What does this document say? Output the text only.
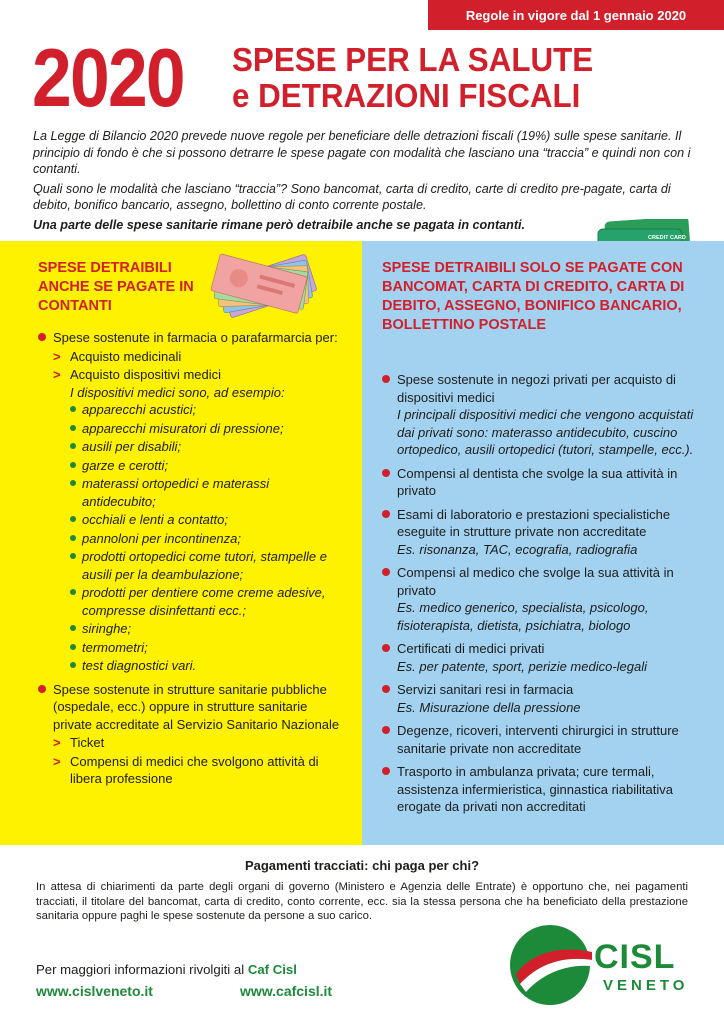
Regole in vigore dal 1 gennaio 2020
2020 SPESE PER LA SALUTE
e DETRAZIONI FISCALI

La Legge di Bilancio 2020 prevede nuove regole per beneficiare delle detrazioni fiscali (19%) sulle spese sanitarie. Il principio di fondo è che si possono detrarre le spese pagate con modalità che lasciano una “traccia” e quindi non con i contanti.

Quali sono le modalità che lasciano “traccia”? Sono bancomat, carta di credito, carte di credito pre-pagate, carta di debito, bonifico bancario, assegno, bollettino di conto corrente postale.

Una parte delle spese sanitarie rimane però detraibile anche se pagata in contanti.

CREDIT CARD
SPESE DETRAIBILI ANCHE SE PAGATE IN CONTANTI
Spese sostenute in farmacia o parafarmarcia per:
> Acquisto medicinali
> Acquisto dispositivi medici
I dispositivi medici sono, ad esempio:
apparecchi acustici;
apparecchi misuratori di pressione;
ausili per disabili;
garze e cerotti;
materassi ortopedici e materassi antidecubito;
occhiali e lenti a contatto;
pannoloni per incontinenza;
prodotti ortopedici come tutori, stampelle e ausili per la deambulazione;
prodotti per dentiere come creme adesive, compresse disinfettanti ecc.;
siringhe;
termometri;
test diagnostici vari.
Spese sostenute in strutture sanitarie pubbliche (ospedale, ecc.) oppure in strutture sanitarie private accreditate al Servizio Sanitario Nazionale
> Ticket
> Compensi di medici che svolgono attività di libera professione
SPESE DETRAIBILI SOLO SE PAGATE CON BANCOMAT, CARTA DI CREDITO, CARTA DI DEBITO, ASSEGNO, BONIFICO BANCARIO, BOLLETTINO POSTALE
Spese sostenute in negozi privati per acquisto di dispositivi medici
I principali dispositivi medici che vengono acquistati dai privati sono: materasso antidecubito, cuscino ortopedico, ausili ortopedici (tutori, stampelle, ecc.).
Compensi al dentista che svolge la sua attività in privato
Esami di laboratorio e prestazioni specialistiche eseguite in strutture private non accreditate
Es. risonanza, TAC, ecografia, radiografia
Compensi al medico che svolge la sua attività in privato
Es. medico generico, specialista, psicologo, fisioterapista, dietista, psichiatra, biologo
Certificati di medici privati
Es. per patente, sport, perizie medico-legali
Servizi sanitari resi in farmacia
Es. Misurazione della pressione
Degenze, ricoveri, interventi chirurgici in strutture sanitarie private non accreditate
Trasporto in ambulanza privata; cure termali, assistenza infermieristica, ginnastica riabilitativa erogate da privati non accreditati
Pagamenti tracciati: chi paga per chi?
In attesa di chiarimenti da parte degli organi di governo (Ministero e Agenzia delle Entrate) è opportuno che, nei pagamenti tracciati, il titolare del bancomat, carta di credito, conto corrente, ecc. sia la stessa persona che ha beneficiato della prestazione sanitaria oppure paghi le spese sostenute da persone a suo carico.
Per maggiori informazioni rivolgiti al Caf Cisl
www.cislveneto.it	www.cafcisl.it
CISL
VENETO
